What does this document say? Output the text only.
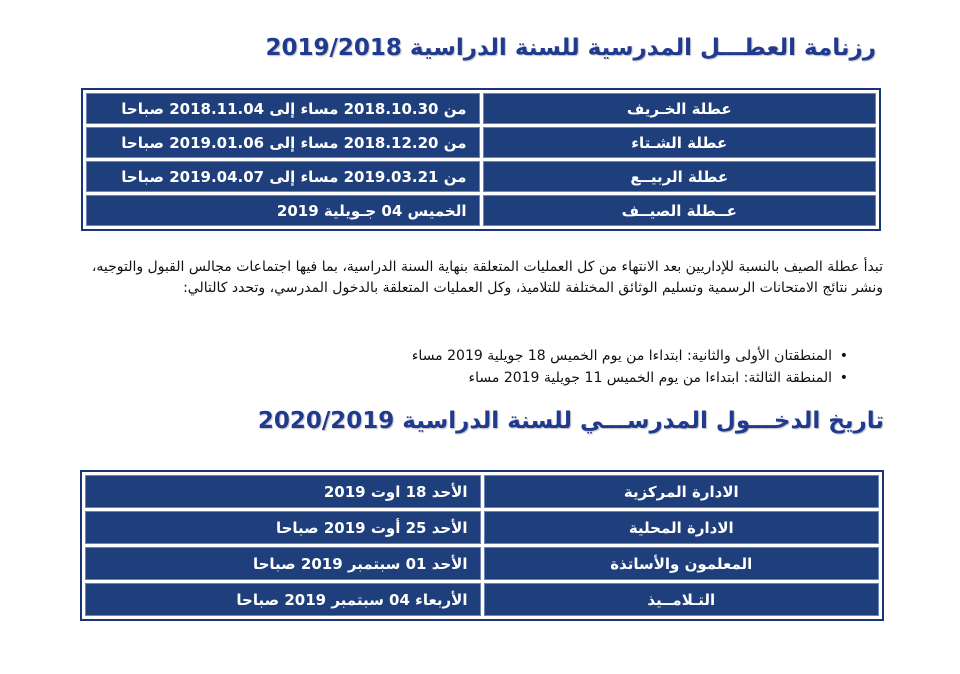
رزنامة العطـــل المدرسية للسنة الدراسية 2019/2018
من 2018.10.30 مساء إلى 2018.11.04 صباحا	عطلة الخـريف
من 2018.12.20 مساء إلى 2019.01.06 صباحا	عطلة الشـتاء
من 2019.03.21 مساء إلى 2019.04.07 صباحا	عطلة الربيــع
الخميس 04 جـويلية 2019	عــطلة الصيــف
تبدأ عطلة الصيف بالنسبة للإداريين بعد الانتهاء من كل العمليات المتعلقة بنهاية السنة الدراسية، بما فيها اجتماعات مجالس القبول والتوجيه، ونشر نتائج الامتحانات الرسمية وتسليم الوثائق المختلفة للتلاميذ، وكل العمليات المتعلقة بالدخول المدرسي، وتحدد كالتالي:
• المنطقتان الأولى والثانية: ابتداءا من يوم الخميس 18 جويلية 2019 مساء
• المنطقة الثالثة: ابتداءا من يوم الخميس 11 جويلية 2019 مساء
تاريخ الدخـــول المدرســـي للسنة الدراسية 2020/2019
الأحد 18 اوت 2019	الادارة المركزية
الأحد 25 أوت 2019 صباحا	الادارة المحلية
الأحد 01 سبتمبر 2019 صباحا	المعلمون والأساتذة
الأربعاء 04 سبتمبر 2019 صباحا	التـلامــيذ
